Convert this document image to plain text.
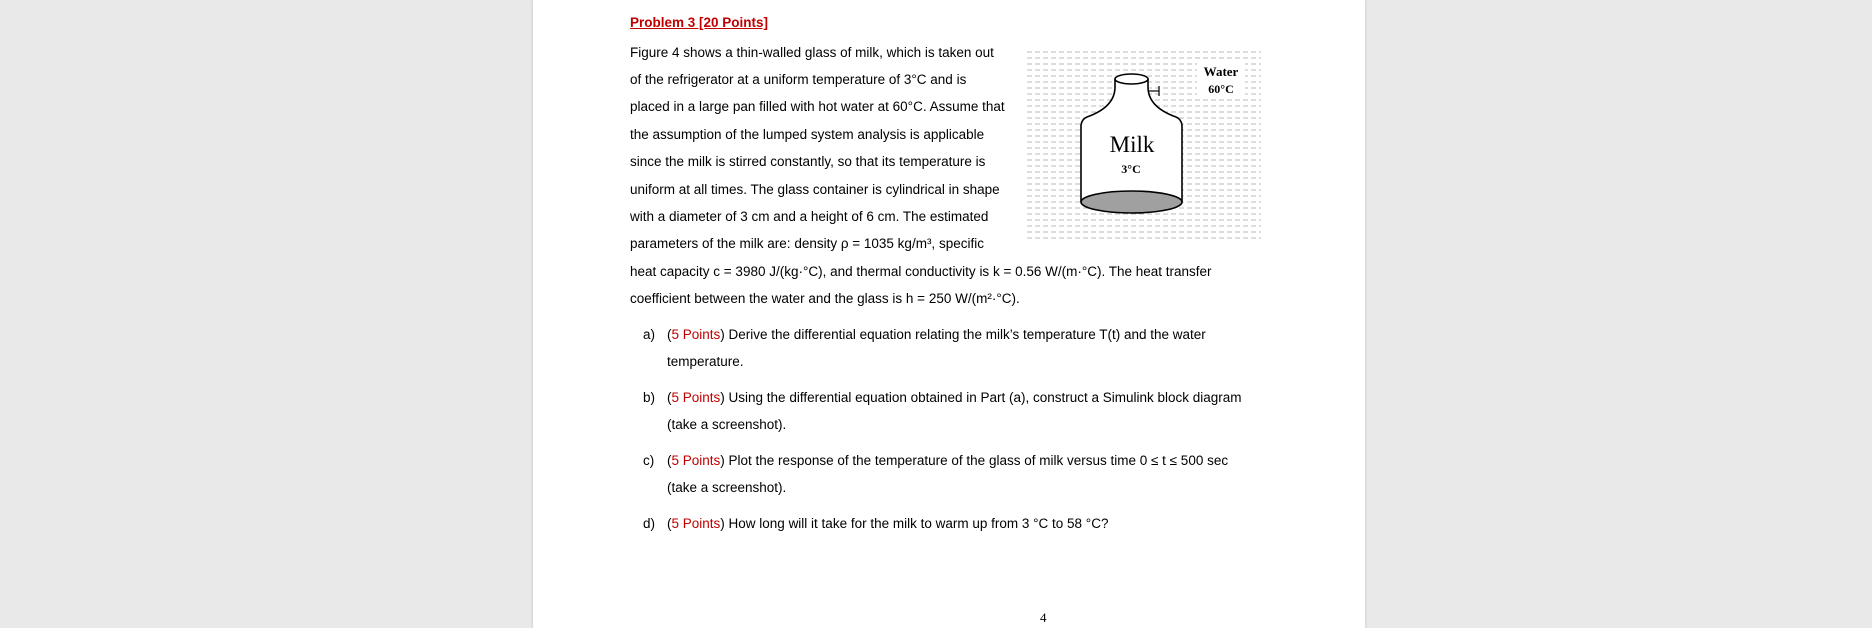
Problem 3 [20 Points]
Figure 4 shows a thin-walled glass of milk, which is taken out
of the refrigerator at a uniform temperature of 3°C and is
placed in a large pan filled with hot water at 60°C. Assume that
the assumption of the lumped system analysis is applicable
since the milk is stirred constantly, so that its temperature is
uniform at all times. The glass container is cylindrical in shape
with a diameter of 3 cm and a height of 6 cm. The estimated
parameters of the milk are: density ρ = 1035 kg/m³, specific
heat capacity c = 3980 J/(kg·°C), and thermal conductivity is k = 0.56 W/(m·°C). The heat transfer
coefficient between the water and the glass is h = 250 W/(m²·°C).
Milk
3°C
Water
60°C
a) (5 Points) Derive the differential equation relating the milk’s temperature T(t) and the water
temperature.
b) (5 Points) Using the differential equation obtained in Part (a), construct a Simulink block diagram
(take a screenshot).
c) (5 Points) Plot the response of the temperature of the glass of milk versus time 0 ≤ t ≤ 500 sec
(take a screenshot).
d) (5 Points) How long will it take for the milk to warm up from 3 °C to 58 °C?
4
